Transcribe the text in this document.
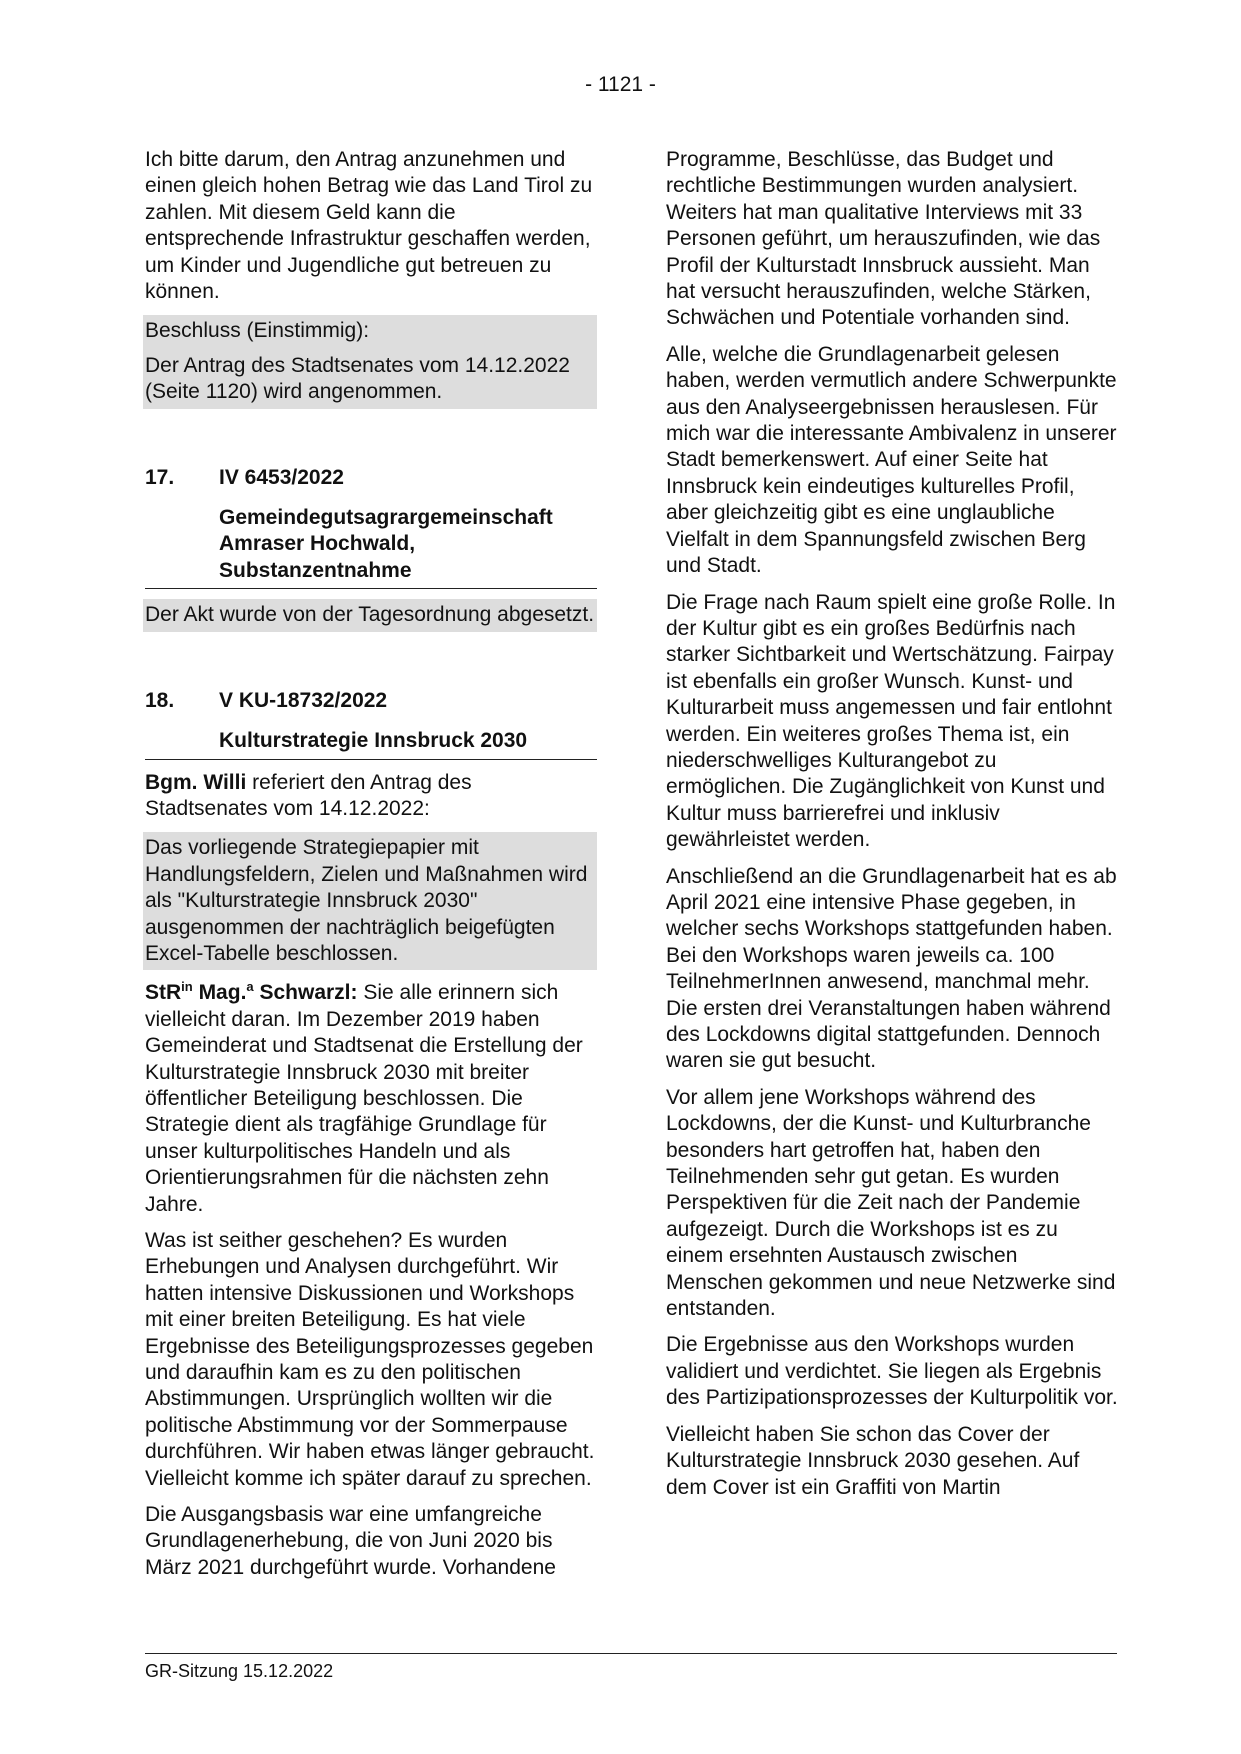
- 1121 -

Ich bitte darum, den Antrag anzunehmen und einen gleich hohen Betrag wie das Land Tirol zu zahlen. Mit diesem Geld kann die entsprechende Infrastruktur geschaffen werden, um Kinder und Jugendliche gut betreuen zu können.

Beschluss (Einstimmig):

Der Antrag des Stadtsenates vom 14.12.2022 (Seite 1120) wird angenommen.

17.	IV 6453/2022
Gemeindegutsagrargemeinschaft Amraser Hochwald, Substanzentnahme

Der Akt wurde von der Tagesordnung abgesetzt.

18.	V KU-18732/2022
Kulturstrategie Innsbruck 2030

Bgm. Willi referiert den Antrag des Stadtsenates vom 14.12.2022:

Das vorliegende Strategiepapier mit Handlungsfeldern, Zielen und Maßnahmen wird als "Kulturstrategie Innsbruck 2030" ausgenommen der nachträglich beigefügten Excel-Tabelle beschlossen.

StR$^{in}$ Mag.$^a$ Schwarzl: Sie alle erinnern sich vielleicht daran. Im Dezember 2019 haben Gemeinderat und Stadtsenat die Erstellung der Kulturstrategie Innsbruck 2030 mit breiter öffentlicher Beteiligung beschlossen. Die Strategie dient als tragfähige Grundlage für unser kulturpolitisches Handeln und als Orientierungsrahmen für die nächsten zehn Jahre.

Was ist seither geschehen? Es wurden Erhebungen und Analysen durchgeführt. Wir hatten intensive Diskussionen und Workshops mit einer breiten Beteiligung. Es hat viele Ergebnisse des Beteiligungsprozesses gegeben und daraufhin kam es zu den politischen Abstimmungen. Ursprünglich wollten wir die politische Abstimmung vor der Sommerpause durchführen. Wir haben etwas länger gebraucht. Vielleicht komme ich später darauf zu sprechen.

Die Ausgangsbasis war eine umfangreiche Grundlagenerhebung, die von Juni 2020 bis März 2021 durchgeführt wurde. Vorhandene

Programme, Beschlüsse, das Budget und rechtliche Bestimmungen wurden analysiert. Weiters hat man qualitative Interviews mit 33 Personen geführt, um herauszufinden, wie das Profil der Kulturstadt Innsbruck aussieht. Man hat versucht herauszufinden, welche Stärken, Schwächen und Potentiale vorhanden sind.

Alle, welche die Grundlagenarbeit gelesen haben, werden vermutlich andere Schwerpunkte aus den Analyseergebnissen herauslesen. Für mich war die interessante Ambivalenz in unserer Stadt bemerkenswert. Auf einer Seite hat Innsbruck kein eindeutiges kulturelles Profil, aber gleichzeitig gibt es eine unglaubliche Vielfalt in dem Spannungsfeld zwischen Berg und Stadt.

Die Frage nach Raum spielt eine große Rolle. In der Kultur gibt es ein großes Bedürfnis nach starker Sichtbarkeit und Wertschätzung. Fairpay ist ebenfalls ein großer Wunsch. Kunst- und Kulturarbeit muss angemessen und fair entlohnt werden. Ein weiteres großes Thema ist, ein niederschwelliges Kulturangebot zu ermöglichen. Die Zugänglichkeit von Kunst und Kultur muss barrierefrei und inklusiv gewährleistet werden.

Anschließend an die Grundlagenarbeit hat es ab April 2021 eine intensive Phase gegeben, in welcher sechs Workshops stattgefunden haben. Bei den Workshops waren jeweils ca. 100 TeilnehmerInnen anwesend, manchmal mehr. Die ersten drei Veranstaltungen haben während des Lockdowns digital stattgefunden. Dennoch waren sie gut besucht.

Vor allem jene Workshops während des Lockdowns, der die Kunst- und Kulturbranche besonders hart getroffen hat, haben den Teilnehmenden sehr gut getan. Es wurden Perspektiven für die Zeit nach der Pandemie aufgezeigt. Durch die Workshops ist es zu einem ersehnten Austausch zwischen Menschen gekommen und neue Netzwerke sind entstanden.

Die Ergebnisse aus den Workshops wurden validiert und verdichtet. Sie liegen als Ergebnis des Partizipationsprozesses der Kulturpolitik vor.

Vielleicht haben Sie schon das Cover der Kulturstrategie Innsbruck 2030 gesehen. Auf dem Cover ist ein Graffiti von Martin

GR-Sitzung 15.12.2022
